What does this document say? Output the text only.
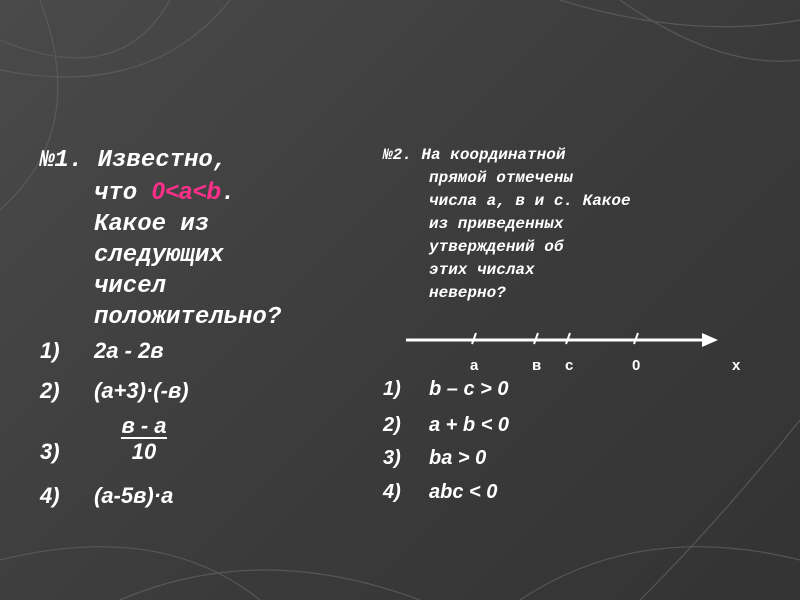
№1. Известно,
что 0<a<b.
Какое из
следующих
чисел
положительно?
1) 2а - 2в
2) (а+3)·(-в)
3)в - а
10
4) (а-5в)·а
№2. На координатной
прямой отмечены
числа а, в и с. Какое
из приведенных
утверждений об
этих числах
неверно?
а	в с	0	х
1) b – c > 0
2) a + b < 0
3) ba > 0
4) abc < 0
